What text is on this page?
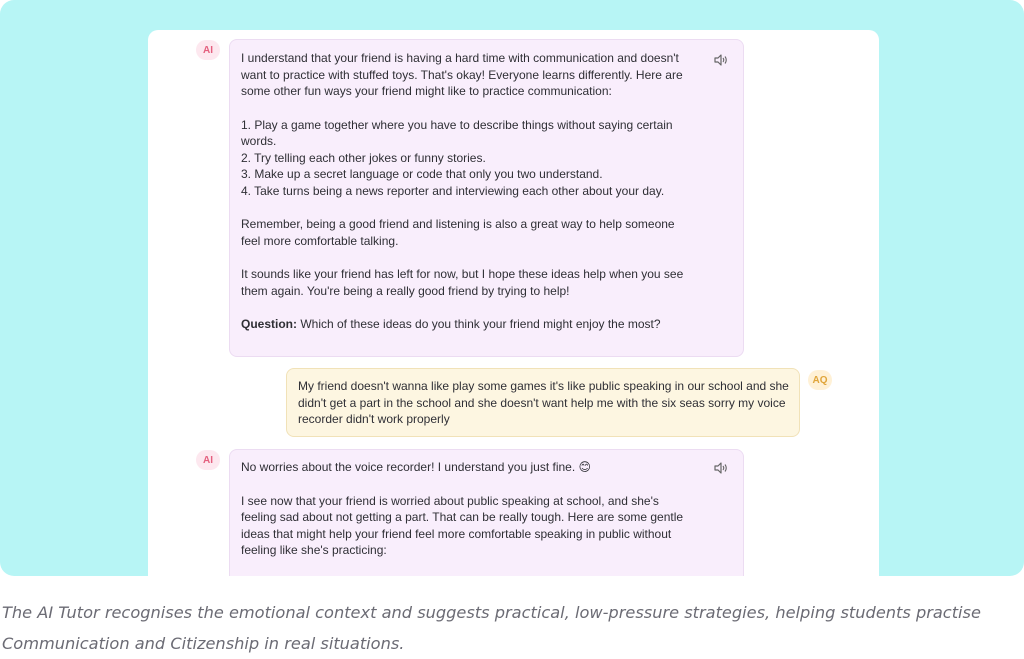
AI

I understand that your friend is having a hard time with communication and doesn't want to practice with stuffed toys. That's okay! Everyone learns differently. Here are some other fun ways your friend might like to practice communication:

1. Play a game together where you have to describe things without saying certain words.

2. Try telling each other jokes or funny stories.

3. Make up a secret language or code that only you two understand.

4. Take turns being a news reporter and interviewing each other about your day.

Remember, being a good friend and listening is also a great way to help someone feel more comfortable talking.

It sounds like your friend has left for now, but I hope these ideas help when you see them again. You're being a really good friend by trying to help!

Question: Which of these ideas do you think your friend might enjoy the most?

My friend doesn't wanna like play some games it's like public speaking in our school and she didn't get a part in the school and she doesn't want help me with the six seas sorry my voice recorder didn't work properly

AQ
AI	No worries about the voice recorder! I understand you just fine. 😊

I see now that your friend is worried about public speaking at school, and she's feeling sad about not getting a part. That can be really tough. Here are some gentle ideas that might help your friend feel more comfortable speaking in public without feeling like she's practicing:

The AI Tutor recognises the emotional context and suggests practical, low-pressure strategies, helping students practise Communication and Citizenship in real situations.
